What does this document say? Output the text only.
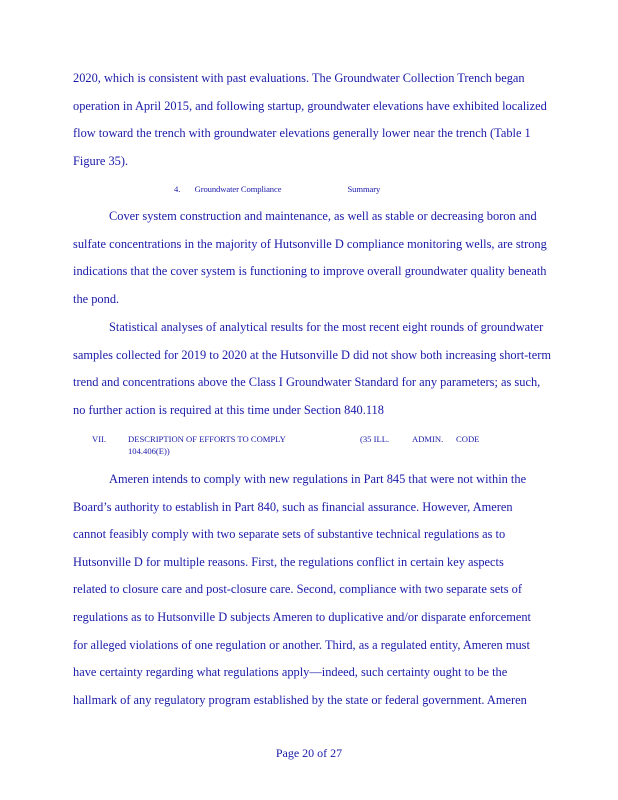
2020, which is consistent with past evaluations. The Groundwater Collection Trench began
operation in April 2015, and following startup, groundwater elevations have exhibited localized
flow toward the trench with groundwater elevations generally lower near the trench (Table 1
Figure 35).
4. Groundwater Compliance	Summary
Cover system construction and maintenance, as well as stable or decreasing boron and
sulfate concentrations in the majority of Hutsonville D compliance monitoring wells, are strong
indications that the cover system is functioning to improve overall groundwater quality beneath
the pond.
Statistical analyses of analytical results for the most recent eight rounds of groundwater
samples collected for 2019 to 2020 at the Hutsonville D did not show both increasing short-term
trend and concentrations above the Class I Groundwater Standard for any parameters; as such,
no further action is required at this time under Section 840.118
VII.	DESCRIPTION OF EFFORTS TO COMPLY	(35 ILL.	ADMIN. CODE
104.406(E))
Ameren intends to comply with new regulations in Part 845 that were not within the
Board’s authority to establish in Part 840, such as financial assurance. However, Ameren
cannot feasibly comply with two separate sets of substantive technical regulations as to
Hutsonville D for multiple reasons. First, the regulations conflict in certain key aspects
related to closure care and post-closure care. Second, compliance with two separate sets of
regulations as to Hutsonville D subjects Ameren to duplicative and/or disparate enforcement
for alleged violations of one regulation or another. Third, as a regulated entity, Ameren must
have certainty regarding what regulations apply—indeed, such certainty ought to be the
hallmark of any regulatory program established by the state or federal government. Ameren
Page 20 of 27
